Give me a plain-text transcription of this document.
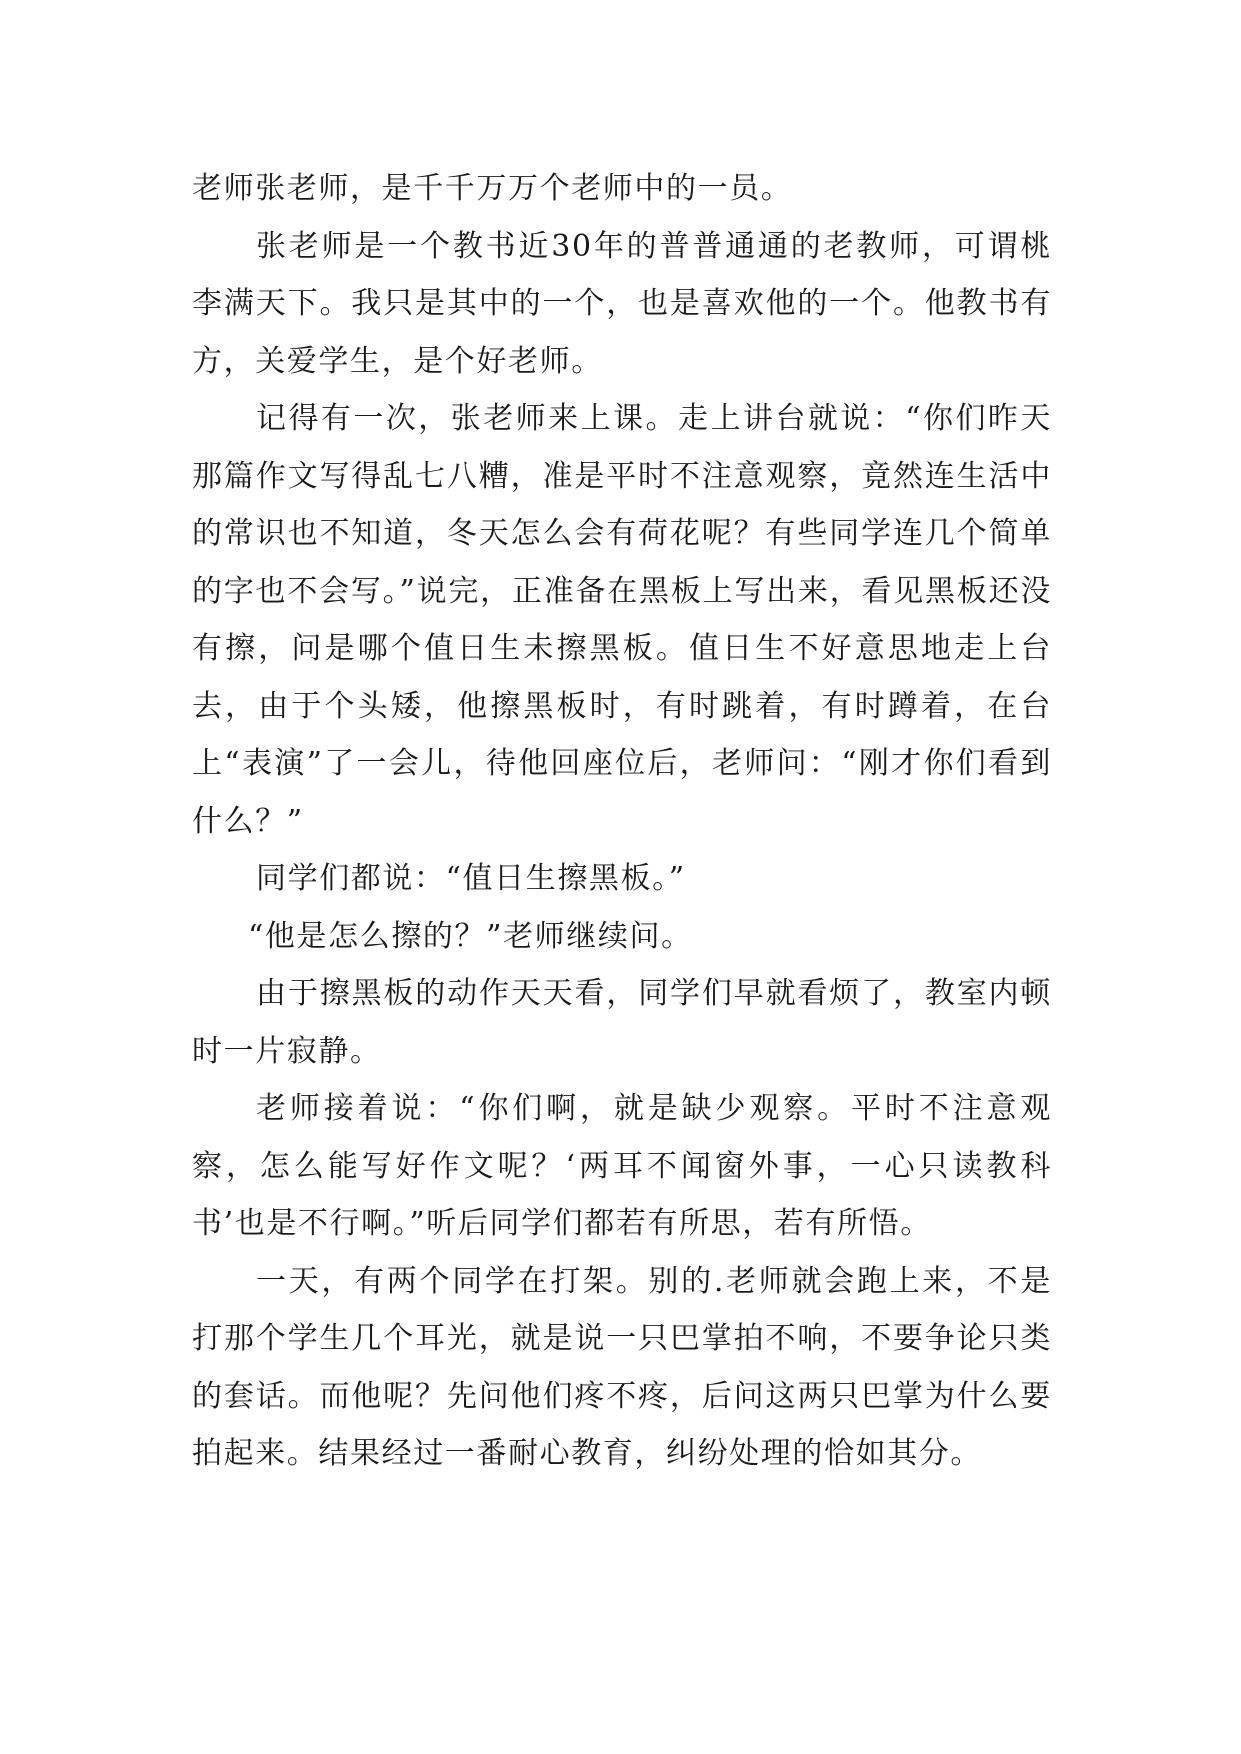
老师张老师，是千千万万个老师中的一员。

张老师是一个教书近30年的普普通通的老教师，可谓桃李满天下。我只是其中的一个，也是喜欢他的一个。他教书有方，关爱学生，是个好老师。

记得有一次，张老师来上课。走上讲台就说：“你们昨天那篇作文写得乱七八糟，准是平时不注意观察，竟然连生活中的常识也不知道，冬天怎么会有荷花呢？有些同学连几个简单的字也不会写。”说完，正准备在黑板上写出来，看见黑板还没有擦，问是哪个值日生未擦黑板。值日生不好意思地走上台去，由于个头矮，他擦黑板时，有时跳着，有时蹲着，在台上“表演”了一会儿，待他回座位后，老师问：“刚才你们看到什么？”

同学们都说：“值日生擦黑板。”

“他是怎么擦的？”老师继续问。

由于擦黑板的动作天天看，同学们早就看烦了，教室内顿时一片寂静。

老师接着说：“你们啊，就是缺少观察。平时不注意观察，怎么能写好作文呢？‘两耳不闻窗外事，一心只读教科书’也是不行啊。”听后同学们都若有所思，若有所悟。

一天，有两个同学在打架。别的.老师就会跑上来，不是打那个学生几个耳光，就是说一只巴掌拍不响，不要争论只类的套话。而他呢？先问他们疼不疼，后问这两只巴掌为什么要拍起来。结果经过一番耐心教育，纠纷处理的恰如其分。
